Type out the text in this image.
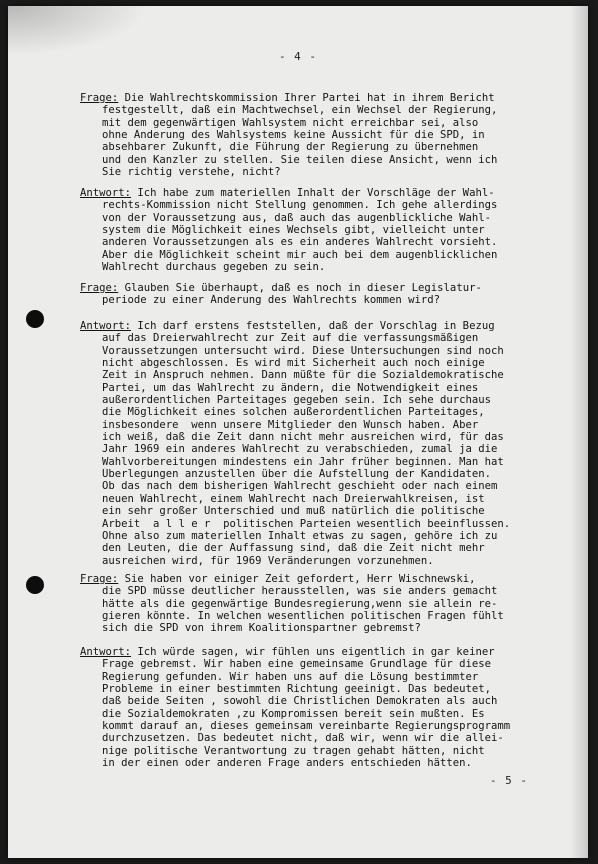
- 4 -
Frage: Die Wahlrechtskommission Ihrer Partei hat in ihrem Bericht
festgestellt, daß ein Machtwechsel, ein Wechsel der Regierung,
mit dem gegenwärtigen Wahlsystem nicht erreichbar sei, also
ohne Änderung des Wahlsystems keine Aussicht für die SPD, in
absehbarer Zukunft, die Führung der Regierung zu übernehmen
und den Kanzler zu stellen. Sie teilen diese Ansicht, wenn ich
Sie richtig verstehe, nicht?
Antwort: Ich habe zum materiellen Inhalt der Vorschläge der Wahl-
rechts-Kommission nicht Stellung genommen. Ich gehe allerdings
von der Voraussetzung aus, daß auch das augenblickliche Wahl-
system die Möglichkeit eines Wechsels gibt, vielleicht unter
anderen Voraussetzungen als es ein anderes Wahlrecht vorsieht.
Aber die Möglichkeit scheint mir auch bei dem augenblicklichen
Wahlrecht durchaus gegeben zu sein.
Frage: Glauben Sie überhaupt, daß es noch in dieser Legislatur-
periode zu einer Änderung des Wahlrechts kommen wird?
Antwort: Ich darf erstens feststellen, daß der Vorschlag in Bezug
auf das Dreierwahlrecht zur Zeit auf die verfassungsmäßigen
Voraussetzungen untersucht wird. Diese Untersuchungen sind noch
nicht abgeschlossen. Es wird mit Sicherheit auch noch einige
Zeit in Anspruch nehmen. Dann müßte für die Sozialdemokratische
Partei, um das Wahlrecht zu ändern, die Notwendigkeit eines
außerordentlichen Parteitages gegeben sein. Ich sehe durchaus
die Möglichkeit eines solchen außerordentlichen Parteitages,
insbesondere  wenn unsere Mitglieder den Wunsch haben. Aber
ich weiß, daß die Zeit dann nicht mehr ausreichen wird, für das
Jahr 1969 ein anderes Wahlrecht zu verabschieden, zumal ja die
Wahlvorbereitungen mindestens ein Jahr früher beginnen. Man hat
Überlegungen anzustellen über die Aufstellung der Kandidaten.
Ob das nach dem bisherigen Wahlrecht geschieht oder nach einem
neuen Wahlrecht, einem Wahlrecht nach Dreierwahlkreisen, ist
ein sehr großer Unterschied und muß natürlich die politische
Arbeit  a l l e r  politischen Parteien wesentlich beeinflussen.
Ohne also zum materiellen Inhalt etwas zu sagen, gehöre ich zu
den Leuten, die der Auffassung sind, daß die Zeit nicht mehr
ausreichen wird, für 1969 Veränderungen vorzunehmen.
Frage: Sie haben vor einiger Zeit gefordert, Herr Wischnewski,
die SPD müsse deutlicher herausstellen, was sie anders gemacht
hätte als die gegenwärtige Bundesregierung,wenn sie allein re-
gieren könnte. In welchen wesentlichen politischen Fragen fühlt
sich die SPD von ihrem Koalitionspartner gebremst?
Antwort: Ich würde sagen, wir fühlen uns eigentlich in gar keiner
Frage gebremst. Wir haben eine gemeinsame Grundlage für diese
Regierung gefunden. Wir haben uns auf die Lösung bestimmter
Probleme in einer bestimmten Richtung geeinigt. Das bedeutet,
daß beide Seiten , sowohl die Christlichen Demokraten als auch
die Sozialdemokraten ,zu Kompromissen bereit sein mußten. Es
kommt darauf an, dieses gemeinsam vereinbarte Regierungsprogramm
durchzusetzen. Das bedeutet nicht, daß wir, wenn wir die allei-
nige politische Verantwortung zu tragen gehabt hätten, nicht
in der einen oder anderen Frage anders entschieden hätten.
- 5 -
